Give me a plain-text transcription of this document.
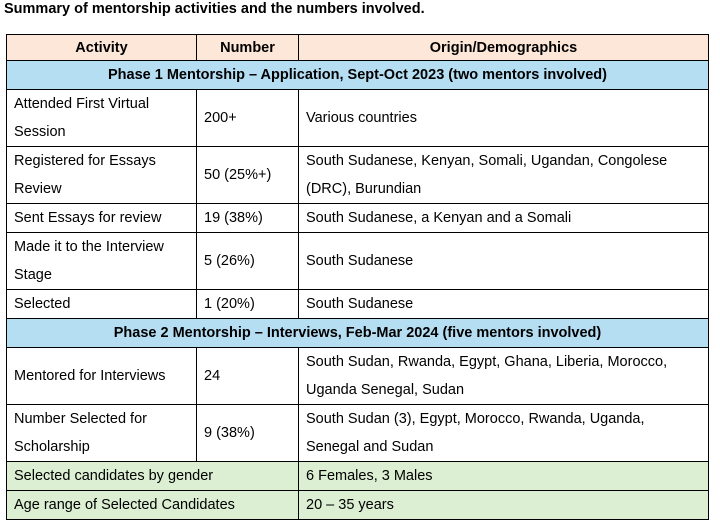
Summary of mentorship activities and the numbers involved.
Activity	Number	Origin/Demographics
Phase 1 Mentorship – Application, Sept-Oct 2023 (two mentors involved)		
Attended First Virtual Session	200+	Various countries
Registered for Essays Review	50 (25%+)	South Sudanese, Kenyan, Somali, Ugandan, Congolese (DRC), Burundian
Sent Essays for review	19 (38%)	South Sudanese, a Kenyan and a Somali
Made it to the Interview Stage	5 (26%)	South Sudanese
Selected	1 (20%)	South Sudanese
Phase 2 Mentorship – Interviews, Feb-Mar 2024 (five mentors involved)		
Mentored for Interviews	24	South Sudan, Rwanda, Egypt, Ghana, Liberia, Morocco, Uganda Senegal, Sudan
Number Selected for Scholarship	9 (38%)	South Sudan (3), Egypt, Morocco, Rwanda, Uganda, Senegal and Sudan
Selected candidates by gender		6 Females, 3 Males
Age range of Selected Candidates		20 – 35 years
